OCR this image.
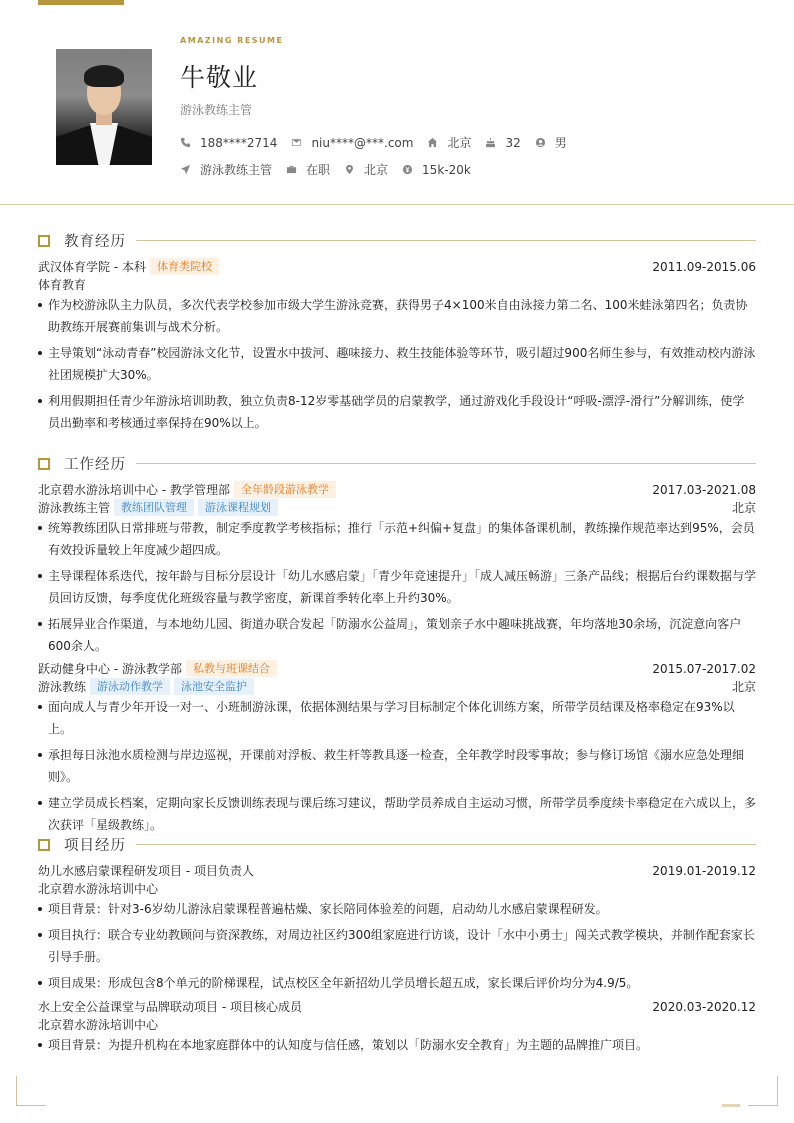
AMAZING RESUME
牛敬业
游泳教练主管
188****2714	niu****@***.com	北京	32	男
游泳教练主管	在职	北京	15k-20k
教育经历
武汉体育学院 - 本科	体育类院校	2011.09-2015.06
体育教育
作为校游泳队主力队员，多次代表学校参加市级大学生游泳竞赛，获得男子4×100米自由泳接力第二名、100米蛙泳第四名；负责协助教练开展赛前集训与战术分析。
主导策划“泳动青春”校园游泳文化节，设置水中拔河、趣味接力、救生技能体验等环节，吸引超过900名师生参与，有效推动校内游泳社团规模扩大30%。
利用假期担任青少年游泳培训助教，独立负责8-12岁零基础学员的启蒙教学，通过游戏化手段设计“呼吸-漂浮-滑行”分解训练，使学员出勤率和考核通过率保持在90%以上。
工作经历
北京碧水游泳培训中心 - 教学管理部	全年龄段游泳教学	2017.03-2021.08
游泳教练主管	教练团队管理	游泳课程规划	北京
统筹教练团队日常排班与带教，制定季度教学考核指标；推行「示范+纠偏+复盘」的集体备课机制，教练操作规范率达到95%，会员有效投诉量较上年度减少超四成。
主导课程体系迭代，按年龄与目标分层设计「幼儿水感启蒙」「青少年竞速提升」「成人减压畅游」三条产品线；根据后台约课数据与学员回访反馈，每季度优化班级容量与教学密度，新课首季转化率上升约30%。
拓展异业合作渠道，与本地幼儿园、街道办联合发起「防溺水公益周」，策划亲子水中趣味挑战赛，年均落地30余场，沉淀意向客户600余人。
跃动健身中心 - 游泳教学部	私教与班课结合	2015.07-2017.02
游泳教练	游泳动作教学	泳池安全监护	北京
面向成人与青少年开设一对一、小班制游泳课，依据体测结果与学习目标制定个体化训练方案，所带学员结课及格率稳定在93%以上。
承担每日泳池水质检测与岸边巡视，开课前对浮板、救生杆等教具逐一检查，全年教学时段零事故；参与修订场馆《溺水应急处理细则》。
建立学员成长档案，定期向家长反馈训练表现与课后练习建议，帮助学员养成自主运动习惯，所带学员季度续卡率稳定在六成以上，多次获评「星级教练」。
项目经历
幼儿水感启蒙课程研发项目 - 项目负责人	2019.01-2019.12
北京碧水游泳培训中心
项目背景：针对3-6岁幼儿游泳启蒙课程普遍枯燥、家长陪同体验差的问题，启动幼儿水感启蒙课程研发。
项目执行：联合专业幼教顾问与资深教练，对周边社区约300组家庭进行访谈，设计「水中小勇士」闯关式教学模块，并制作配套家长引导手册。
项目成果：形成包含8个单元的阶梯课程，试点校区全年新招幼儿学员增长超五成，家长课后评价均分为4.9/5。
水上安全公益课堂与品牌联动项目 - 项目核心成员	2020.03-2020.12
北京碧水游泳培训中心
项目背景：为提升机构在本地家庭群体中的认知度与信任感，策划以「防溺水安全教育」为主题的品牌推广项目。
